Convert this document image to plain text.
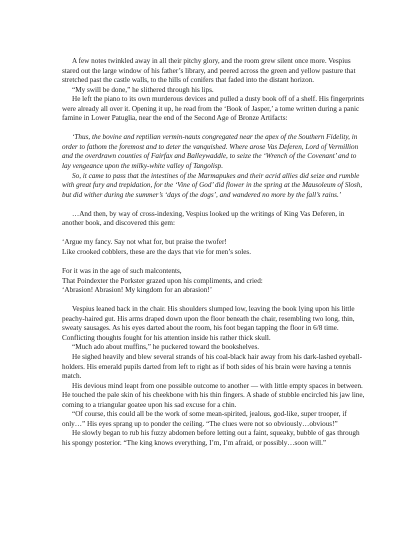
A few notes twinkled away in all their pitchy glory, and the room grew silent once more. Vespius stared out the large window of his father’s library, and peered across the green and yellow pasture that stretched past the castle walls, to the hills of conifers that faded into the distant horizon.

“My swill be done,” he slithered through his lips.

He left the piano to its own murderous devices and pulled a dusty book off of a shelf. His fingerprints were already all over it. Opening it up, he read from the ‘Book of Jasper,’ a tome written during a panic famine in Lower Patuglia, near the end of the Second Age of Bronze Artifacts:

‘Thus, the bovine and reptilian vermin-nauts congregated near the apex of the Southern Fidelity, in order to fathom the foremost and to deter the vanquished. Where arose Vas Deferen, Lord of Vermillion and the overdrawn counties of Fairfax and Balleywaddle, to seize the ‘Wrench of the Covenant’ and to lay vengeance upon the milky-white valley of Tangolisp.

So, it came to pass that the intestines of the Marmapukes and their acrid allies did seize and rumble with great fury and trepidation, for the ‘Vine of God’ did flower in the spring at the Mausoleum of Slosh, but did wither during the summer’s ‘days of the dogs’, and wandered no more by the fall’s rains.’

…And then, by way of cross-indexing, Vespius looked up the writings of King Vas Deferen, in another book, and discovered this gem:

‘Argue my fancy. Say not what for, but praise the twofer!

Like crooked cobblers, these are the days that vie for men’s soles.

For it was in the age of such malcontents,

That Poindexter the Porkster grazed upon his compliments, and cried:

‘Abrasion! Abrasion! My kingdom for an abrasion!’

Vespius leaned back in the chair. His shoulders slumped low, leaving the book lying upon his little peachy-haired gut. His arms draped down upon the floor beneath the chair, resembling two long, thin, sweaty sausages. As his eyes darted about the room, his foot began tapping the floor in 6/8 time. Conflicting thoughts fought for his attention inside his rather thick skull.

“Much ado about muffins,” he puckered toward the bookshelves.

He sighed heavily and blew several strands of his coal-black hair away from his dark-lashed eyeball-holders. His emerald pupils darted from left to right as if both sides of his brain were having a tennis match.

His devious mind leapt from one possible outcome to another — with little empty spaces in between. He touched the pale skin of his cheekbone with his thin fingers. A shade of stubble encircled his jaw line, coming to a triangular goatee upon his sad excuse for a chin.

“Of course, this could all be the work of some mean-spirited, jealous, god-like, super trooper, if only…” His eyes sprang up to ponder the ceiling. “The clues were not so obviously…obvious!”

He slowly began to rub his fuzzy abdomen before letting out a faint, squeaky, bubble of gas through his spongy posterior. “The king knows everything, I’m, I’m afraid, or possibly…soon will.”
